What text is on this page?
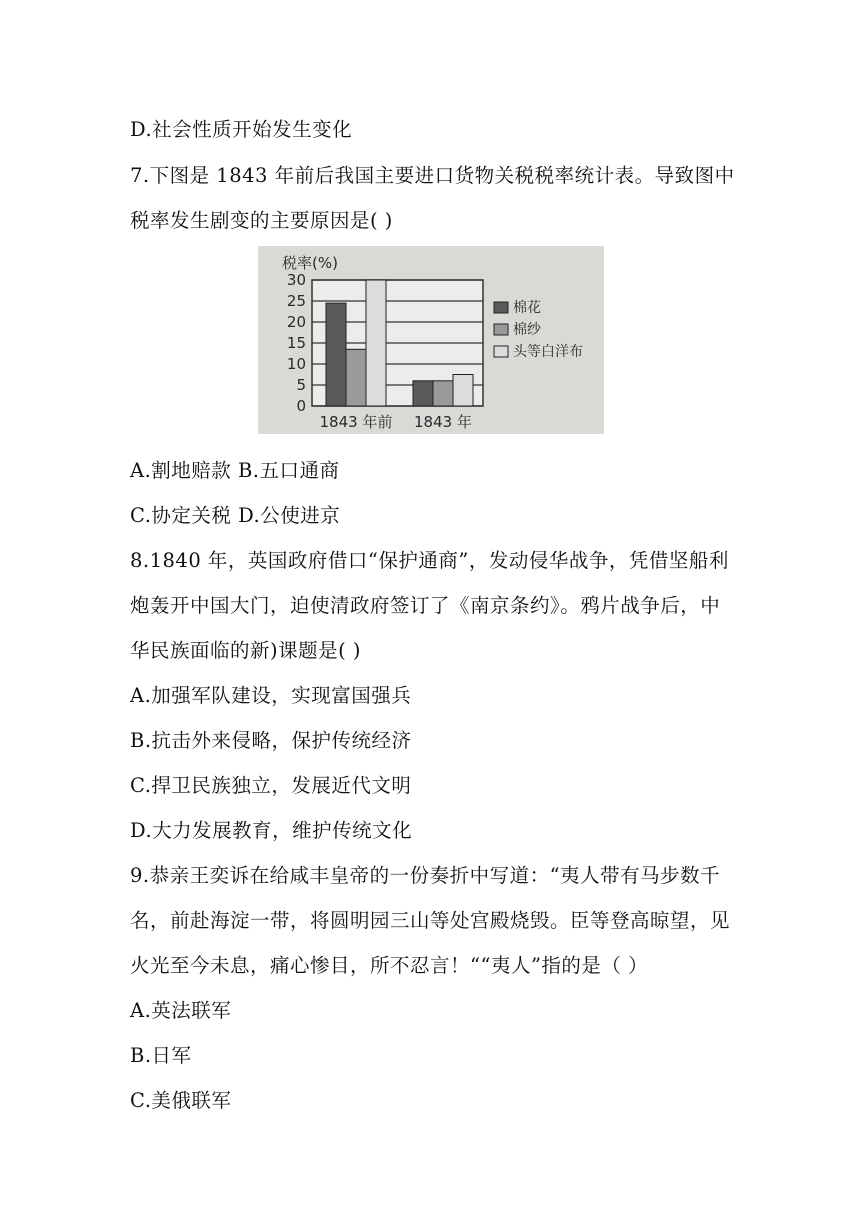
D.社会性质开始发生变化
7.下图是 1843 年前后我国主要进口货物关税税率统计表。导致图中
税率发生剧变的主要原因是( )
税率(%)
0
5
10
15
20
25
30
1843 年前 1843 年
棉花
棉纱
头等白洋布
A.割地赔款 B.五口通商
C.协定关税 D.公使进京
8.1840 年，英国政府借口“保护通商”，发动侵华战争，凭借坚船利
炮轰开中国大门，迫使清政府签订了《南京条约》。鸦片战争后，中
华民族面临的新)课题是( )
A.加强军队建设，实现富国强兵
B.抗击外来侵略，保护传统经济
C.捍卫民族独立，发展近代文明
D.大力发展教育，维护传统文化
9.恭亲王奕诉在给咸丰皇帝的一份奏折中写道：“夷人带有马步数千
名，前赴海淀一带，将圆明园三山等处宫殿烧毁。臣等登高晾望，见
火光至今未息，痛心惨目，所不忍言！““夷人”指的是（ ）
A.英法联军
B.日军
C.美俄联军
